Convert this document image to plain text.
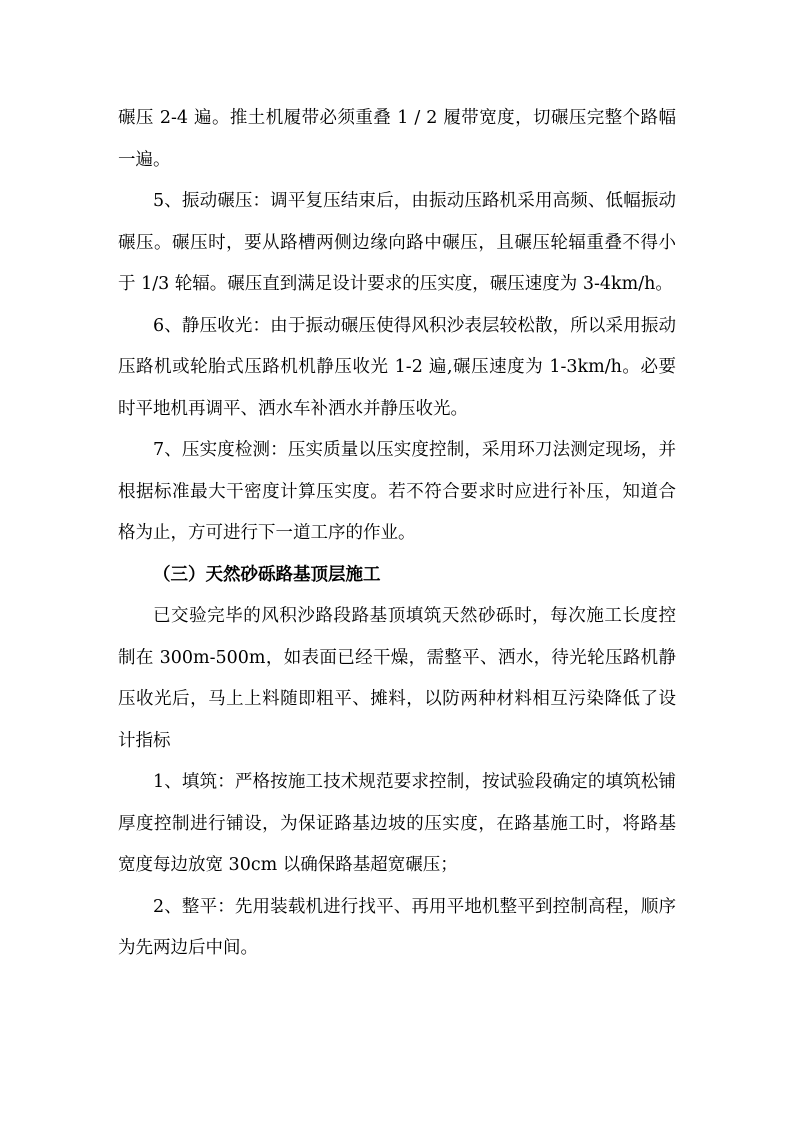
碾压 2-4 遍。推土机履带必须重叠 1 / 2 履带宽度，切碾压完整个路幅一遍。

5、振动碾压：调平复压结束后，由振动压路机采用高频、低幅振动碾压。碾压时，要从路槽两侧边缘向路中碾压，且碾压轮辐重叠不得小于 1/3 轮辐。碾压直到满足设计要求的压实度，碾压速度为 3-4km/h。

6、静压收光：由于振动碾压使得风积沙表层较松散，所以采用振动压路机或轮胎式压路机机静压收光 1-2 遍,碾压速度为 1-3km/h。必要时平地机再调平、洒水车补洒水并静压收光。

7、压实度检测：压实质量以压实度控制，采用环刀法测定现场，并根据标准最大干密度计算压实度。若不符合要求时应进行补压，知道合格为止，方可进行下一道工序的作业。

（三）天然砂砾路基顶层施工

已交验完毕的风积沙路段路基顶填筑天然砂砾时，每次施工长度控制在 300m-500m，如表面已经干燥，需整平、洒水，待光轮压路机静压收光后，马上上料随即粗平、摊料，以防两种材料相互污染降低了设计指标

1、填筑：严格按施工技术规范要求控制，按试验段确定的填筑松铺厚度控制进行铺设，为保证路基边坡的压实度，在路基施工时，将路基宽度每边放宽 30cm 以确保路基超宽碾压；

2、整平：先用装载机进行找平、再用平地机整平到控制高程，顺序为先两边后中间。
